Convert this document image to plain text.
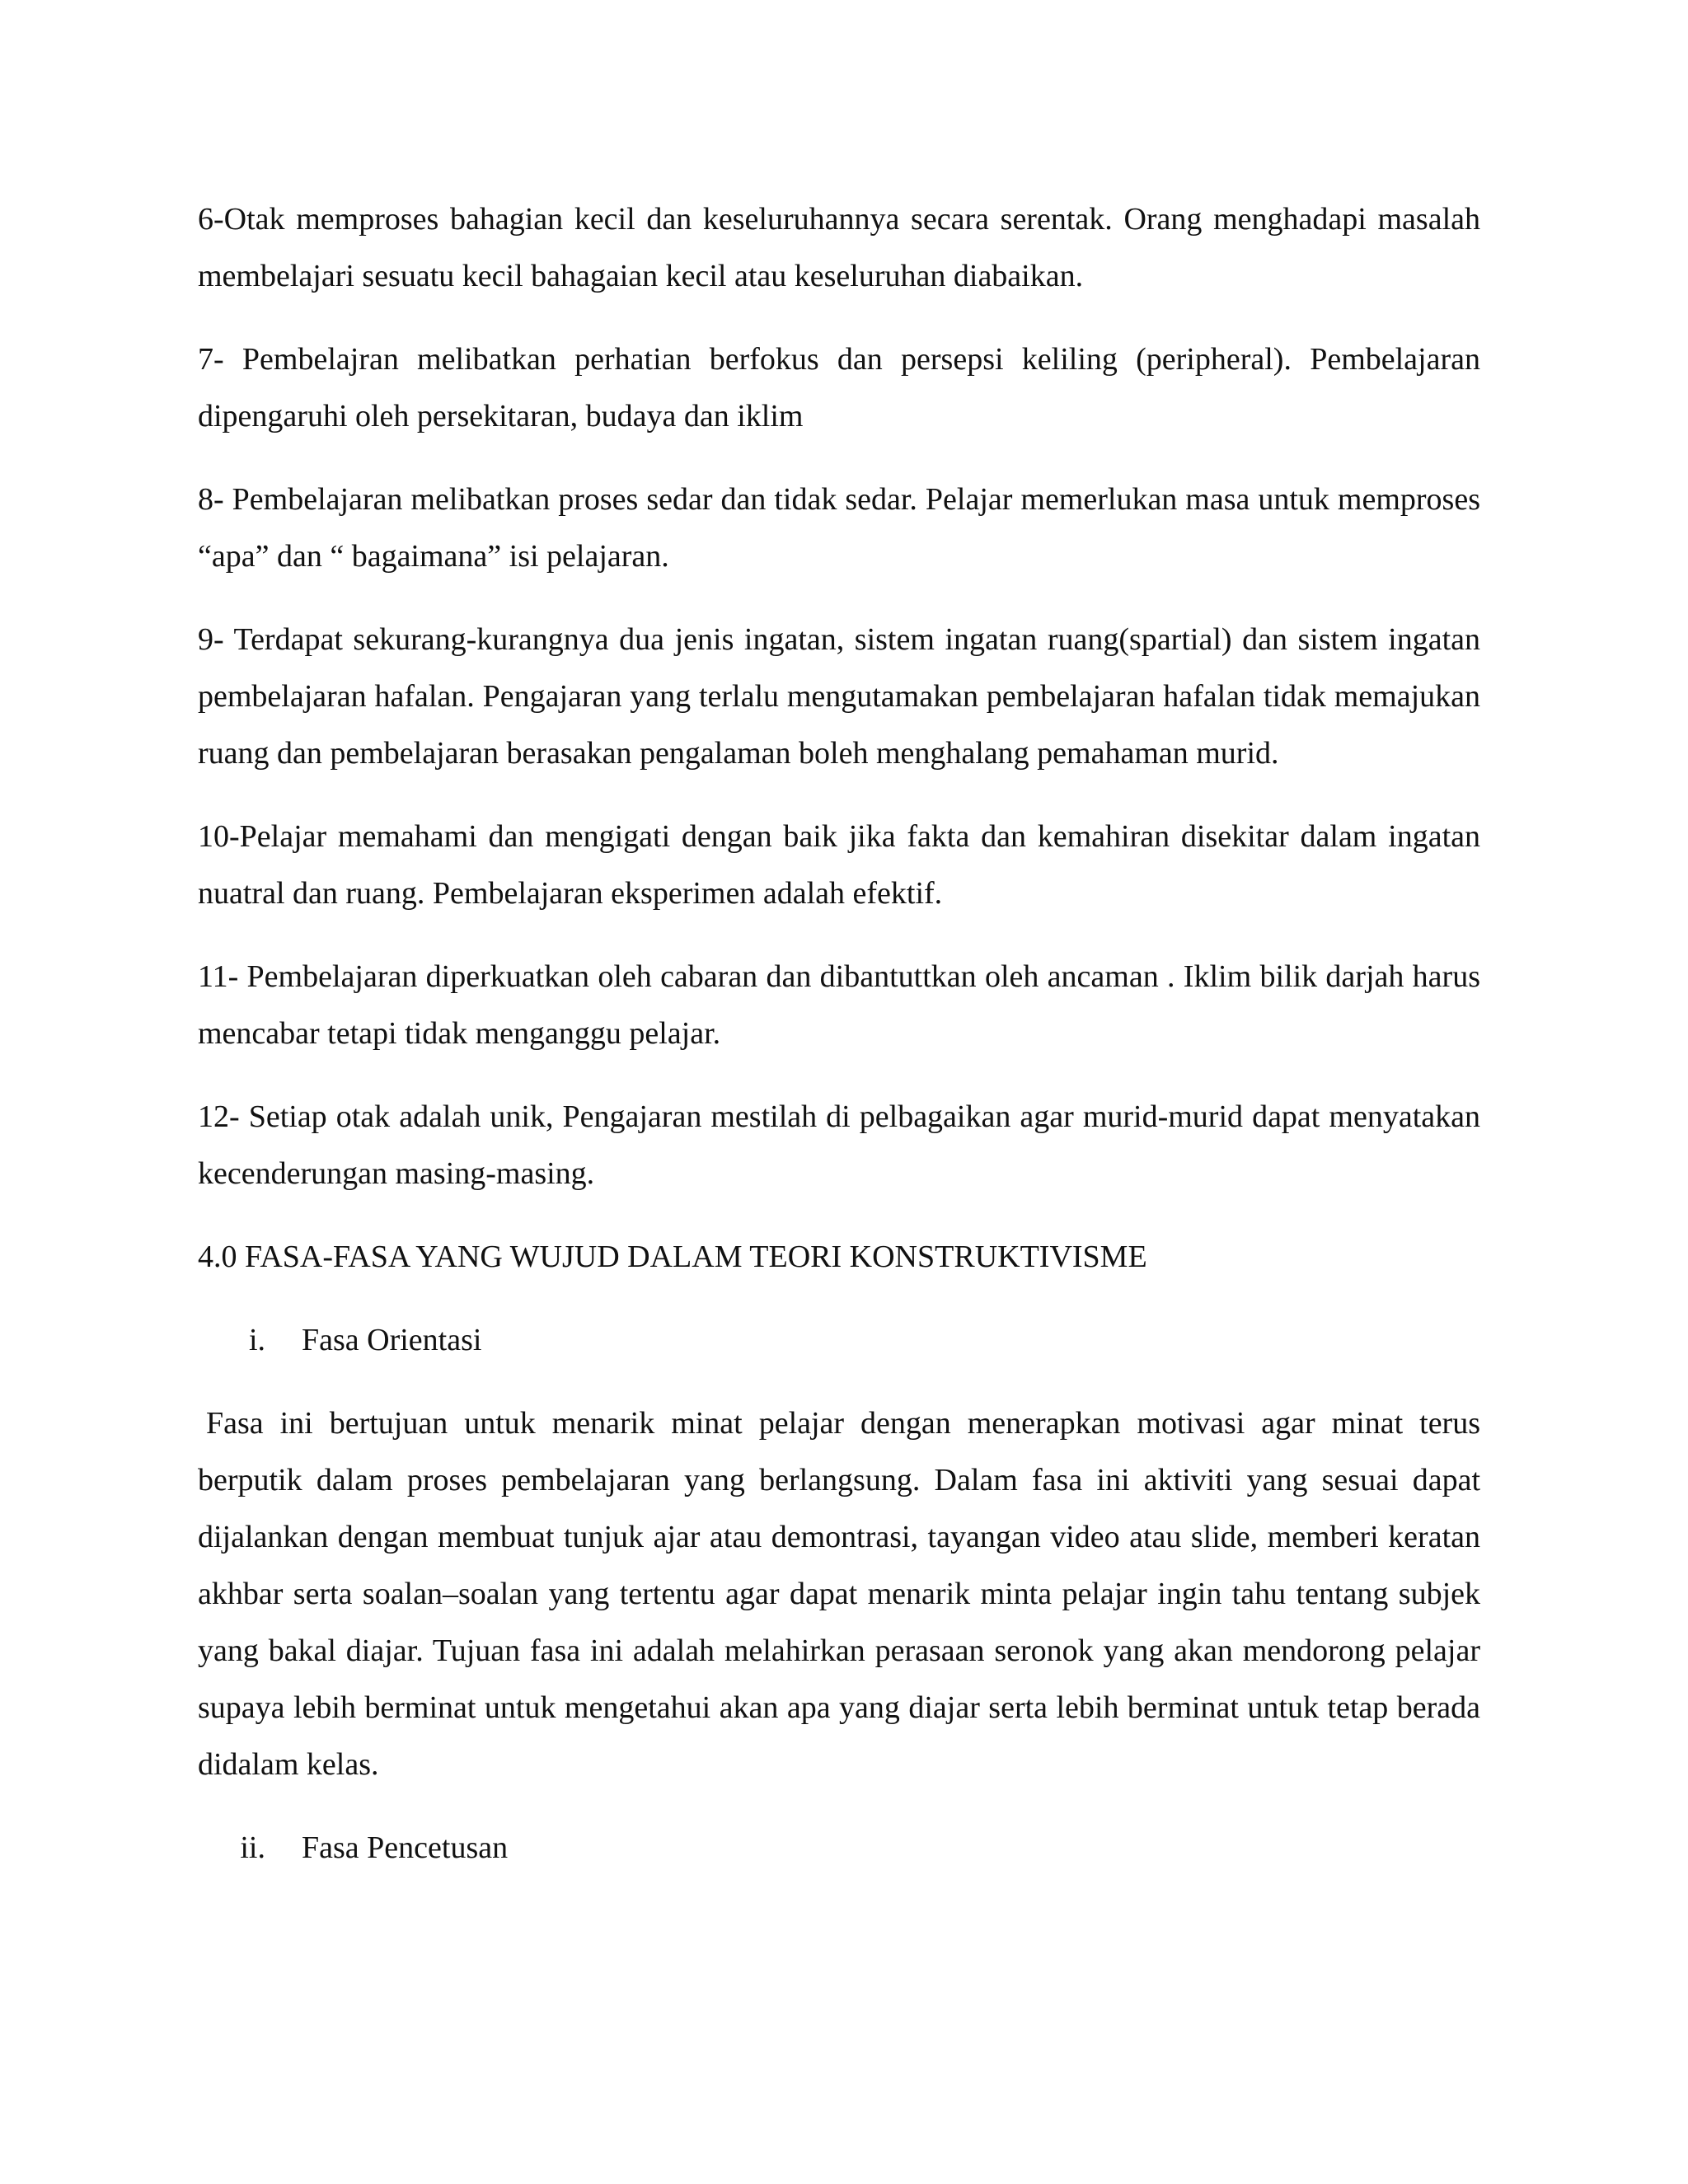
6-Otak memproses bahagian kecil dan keseluruhannya secara serentak. Orang menghadapi masalah membelajari sesuatu kecil bahagaian kecil atau keseluruhan diabaikan.

7- Pembelajran melibatkan perhatian berfokus dan persepsi keliling (peripheral). Pembelajaran dipengaruhi oleh persekitaran, budaya dan iklim

8- Pembelajaran melibatkan proses sedar dan tidak sedar. Pelajar memerlukan masa untuk memproses “apa” dan “ bagaimana” isi pelajaran.

9- Terdapat sekurang-kurangnya dua jenis ingatan, sistem ingatan ruang(spartial) dan sistem ingatan pembelajaran hafalan. Pengajaran yang terlalu mengutamakan pembelajaran hafalan tidak memajukan ruang dan pembelajaran berasakan pengalaman boleh menghalang pemahaman murid.

10-Pelajar memahami dan mengigati dengan baik jika fakta dan kemahiran disekitar dalam ingatan nuatral dan ruang. Pembelajaran eksperimen adalah efektif.

11- Pembelajaran diperkuatkan oleh cabaran dan dibantuttkan oleh ancaman . Iklim bilik darjah harus mencabar tetapi tidak menganggu pelajar.

12- Setiap otak adalah unik, Pengajaran mestilah di pelbagaikan agar murid-murid dapat menyatakan kecenderungan masing-masing.

4.0 FASA-FASA YANG WUJUD DALAM TEORI KONSTRUKTIVISME
i.	Fasa Orientasi

Fasa ini bertujuan untuk menarik minat pelajar dengan menerapkan motivasi agar minat terus berputik dalam proses pembelajaran yang berlangsung. Dalam fasa ini aktiviti yang sesuai dapat dijalankan dengan membuat tunjuk ajar atau demontrasi, tayangan video atau slide, memberi keratan akhbar serta soalan–soalan yang tertentu agar dapat menarik minta pelajar ingin tahu tentang subjek yang bakal diajar. Tujuan fasa ini adalah melahirkan perasaan seronok yang akan mendorong pelajar supaya lebih berminat untuk mengetahui akan apa yang diajar serta lebih berminat untuk tetap berada didalam kelas.

ii.	Fasa Pencetusan
